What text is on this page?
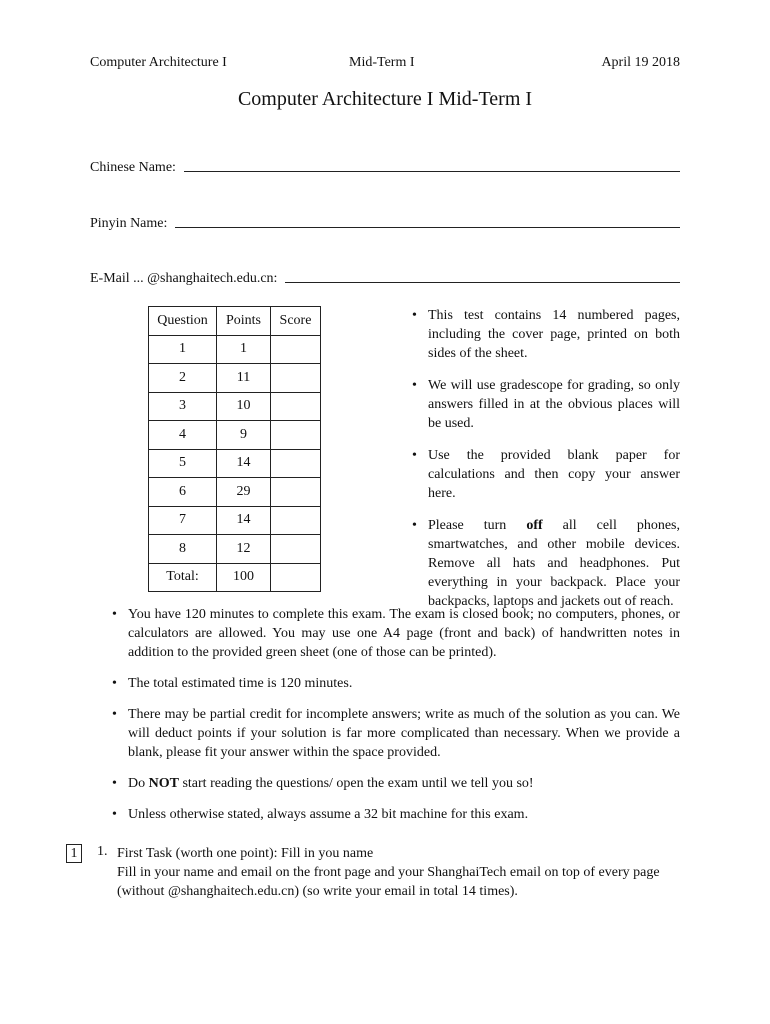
Computer Architecture I	Mid-Term I	April 19 2018
Computer Architecture I Mid-Term I
Chinese Name:
Pinyin Name:
E-Mail ... @shanghaitech.edu.cn:
Question	Points	Score
1	1	
2	11	
3	10	
4	9	
5	14	
6	29	
7	14	
8	12	
Total:	100	
• This test contains 14 numbered pages, including the cover page, printed on both sides of the sheet.
• We will use gradescope for grading, so only answers filled in at the obvious places will be used.
• Use the provided blank paper for calculations and then copy your answer here.
• Please turn off all cell phones, smartwatches, and other mobile devices. Remove all hats and headphones. Put everything in your backpack. Place your backpacks, laptops and jackets out of reach.
• You have 120 minutes to complete this exam. The exam is closed book; no computers, phones, or calculators are allowed. You may use one A4 page (front and back) of handwritten notes in addition to the provided green sheet (one of those can be printed).
• The total estimated time is 120 minutes.
• There may be partial credit for incomplete answers; write as much of the solution as you can. We will deduct points if your solution is far more complicated than necessary. When we provide a blank, please fit your answer within the space provided.
• Do NOT start reading the questions/ open the exam until we tell you so!
• Unless otherwise stated, always assume a 32 bit machine for this exam.
1	1. First Task (worth one point): Fill in you name
Fill in your name and email on the front page and your ShanghaiTech email on top of every page (without @shanghaitech.edu.cn) (so write your email in total 14 times).
